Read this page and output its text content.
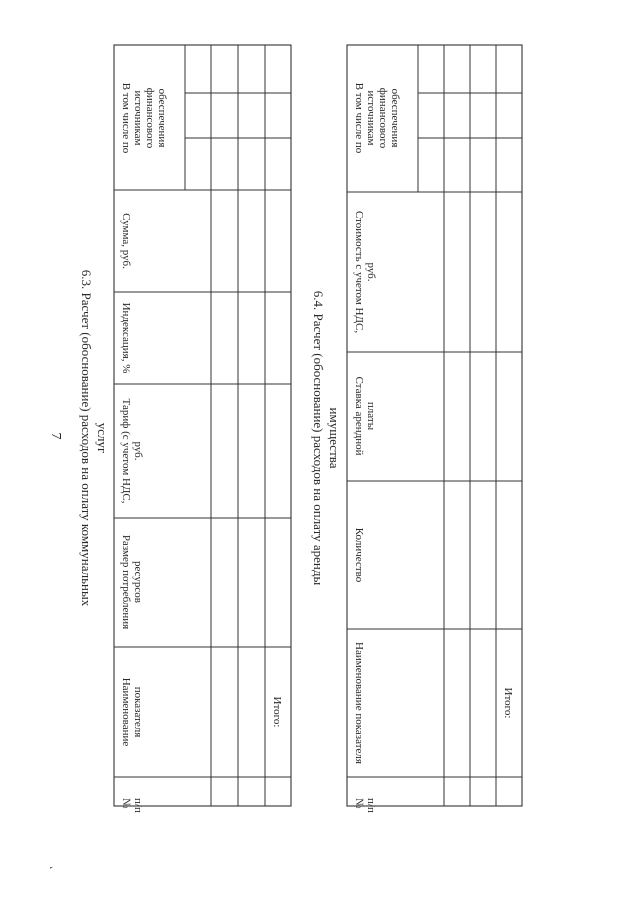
7
˛
6.3. Расчет (обоснование) расходов на оплату коммунальных услуг
№ п/п
Наименование показателя
Размер потребления ресурсов
Тариф (с учетом НДС, руб.
Индексация, %
Сумма, руб.
В том числе по источникам финансового обеспечения
Итого:
6.4. Расчет (обоснование) расходов на оплату аренды имущества
№ п/п
Наименование показателя
Количество
Ставка арендной платы
Стоимость с учетом НДС, руб.
В том числе по источникам финансового обеспечения
Итого:
